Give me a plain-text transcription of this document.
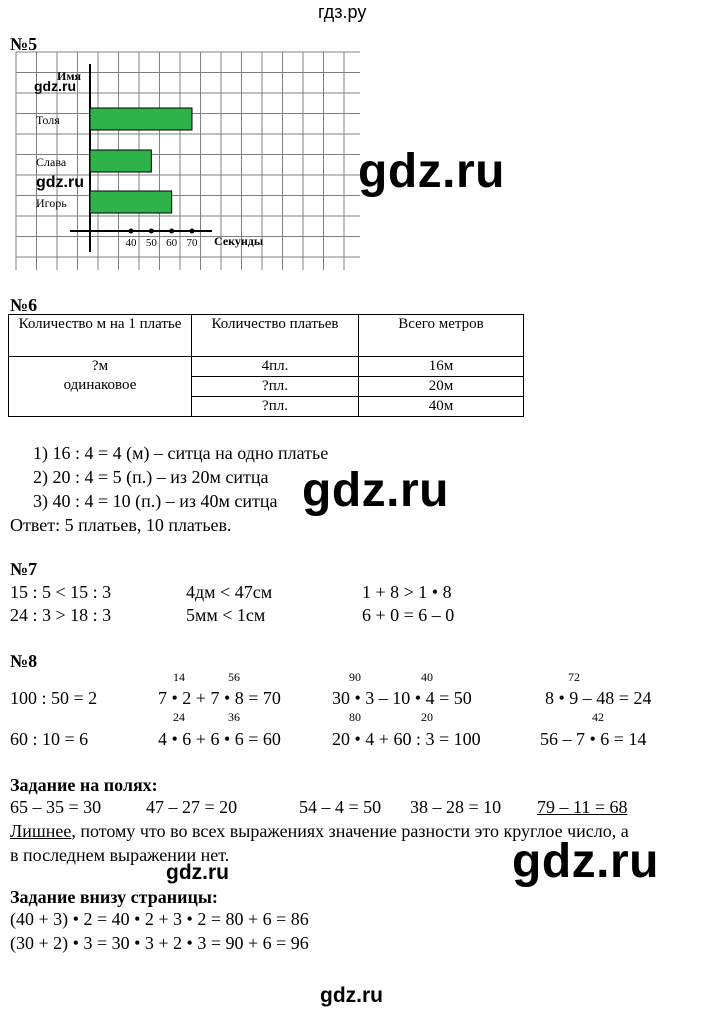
гдз.ру
№5
40 50 60 70
Имя
Секунды
Толя
Слава
Игорь
gdz.ru
gdz.ru	gdz.ru
№6
Количество м на 1 платье	Количество платьев	Всего метров

?м
одинаковое	4пл.	16м
	?пл.	20м
	?пл.	40м
1) 16 : 4 = 4 (м) – ситца на одно платье
2) 20 : 4 = 5 (п.) – из 20м ситца
3) 40 : 4 = 10 (п.) – из 40м ситца
Ответ: 5 платьев, 10 платьев.
gdz.ru
№7
15 : 5 < 15 : 3	4дм < 47см	1 + 8 > 1 • 8
24 : 3 > 18 : 3	5мм < 1см	6 + 0 = 6 – 0
№8
14	56	90	40	72
100 : 50 = 2	7 • 2 + 7 • 8 = 70	30 • 3 – 10 • 4 = 50	8 • 9 – 48 = 24
24	36	80	20	42
60 : 10 = 6	4 • 6 + 6 • 6 = 60	20 • 4 + 60 : 3 = 100	56 – 7 • 6 = 14
Задание на полях:
65 – 35 = 30 47 – 27 = 20	54 – 4 = 50 38 – 28 = 10 79 – 11 = 68
Лишнее, потому что во всех выражениях значение разности это круглое число, а
в последнем выражении нет.
gdz.ru	gdz.ru
Задание внизу страницы:
(40 + 3) • 2 = 40 • 2 + 3 • 2 = 80 + 6 = 86
(30 + 2) • 3 = 30 • 3 + 2 • 3 = 90 + 6 = 96
gdz.ru
